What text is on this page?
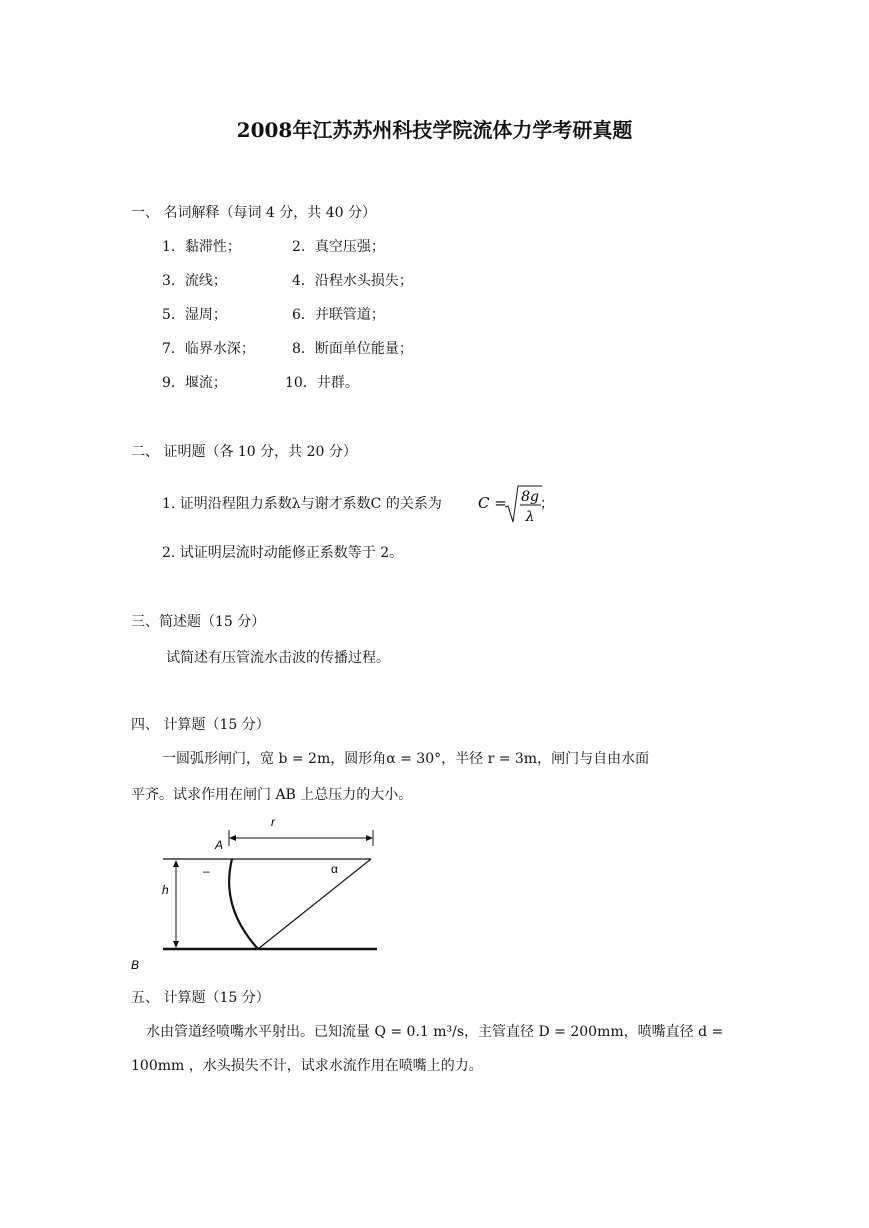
2008年江苏苏州科技学院流体力学考研真题
一、 名词解释（每词 4 分，共 40 分）
1．黏滞性；	2．真空压强；
3．流线；	4．沿程水头损失；
5．湿周；	6．并联管道；
7．临界水深；	8．断面单位能量；
9．堰流；	10．井群。
二、 证明题（各 10 分，共 20 分）
1. 证明沿程阻力系数λ与谢才系数C 的关系为 C = 8g
λ
；
2. 试证明层流时动能修正系数等于 2。
三、简述题（15 分）
试简述有压管流水击波的传播过程。
四、 计算题（15 分）
一圆弧形闸门，宽 b = 2m，圆形角α = 30°，半径 r = 3m，闸门与自由水面
平齐。试求作用在闸门 AB 上总压力的大小。
r
A
–	α
h
B
五、 计算题（15 分）
水由管道经喷嘴水平射出。已知流量 Q = 0.1 m³/s，主管直径 D = 200mm，喷嘴直径 d =
100mm ，水头损失不计，试求水流作用在喷嘴上的力。
